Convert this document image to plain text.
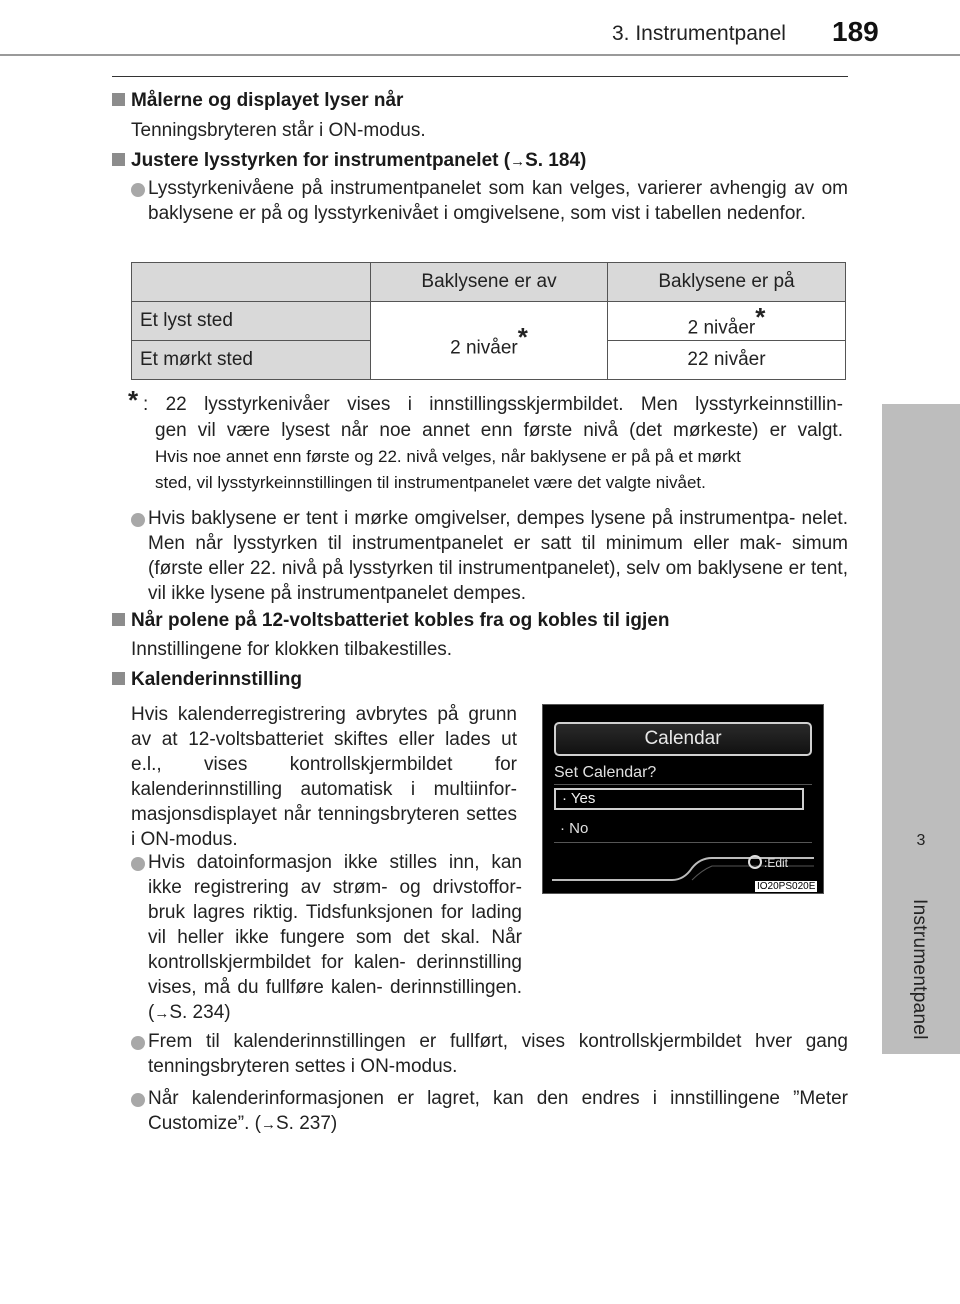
3. Instrumentpanel 189
3
Instrumentpanel
Målerne og displayet lyser når
Tenningsbryteren står i ON-modus.
Justere lysstyrken for instrumentpanelet (→S. 184)
Lysstyrkenivåene på instrumentpanelet som kan velges, varierer avhengig av om baklysene er på og lysstyrkenivået i omgivelsene, som vist i tabellen nedenfor.
	Baklysene er av	Baklysene er på
Et lyst sted	2 nivåer*	2 nivåer*
Et mørkt sted		22 nivåer
* : 22 lysstyrkenivåer vises i innstillingsskjermbildet. Men lysstyrkeinnstillin-
gen vil være lysest når noe annet enn første nivå (det mørkeste) er valgt.
Hvis noe annet enn første og 22. nivå velges, når baklysene er på på et mørkt
sted, vil lysstyrkeinnstillingen til instrumentpanelet være det valgte nivået.
Hvis baklysene er tent i mørke omgivelser, dempes lysene på instrumentpa- nelet. Men når lysstyrken til instrumentpanelet er satt til minimum eller mak- simum (første eller 22. nivå på lysstyrken til instrumentpanelet), selv om baklysene er tent, vil ikke lysene på instrumentpanelet dempes.
Når polene på 12-voltsbatteriet kobles fra og kobles til igjen
Innstillingene for klokken tilbakestilles.
Kalenderinnstilling
Hvis kalenderregistrering avbrytes på grunn av at 12-voltsbatteriet skiftes eller lades ut e.l., vises kontrollskjermbildet for kalenderinnstilling automatisk i multiinfor- masjonsdisplayet når tenningsbryteren settes i ON-modus.
Hvis datoinformasjon ikke stilles inn, kan ikke registrering av strøm- og drivstoffor- bruk lagres riktig. Tidsfunksjonen for lading vil heller ikke fungere som det skal. Når kontrollskjermbildet for kalen- derinnstilling vises, må du fullføre kalen- derinnstillingen. (→S. 234)
Frem til kalenderinnstillingen er fullført, vises kontrollskjermbildet hver gang tenningsbryteren settes i ON-modus.
Når kalenderinformasjonen er lagret, kan den endres i innstillingene ”Meter Customize”. (→S. 237)
Calendar
Set Calendar?
· Yes
· No
:Edit
IO20PS020E
